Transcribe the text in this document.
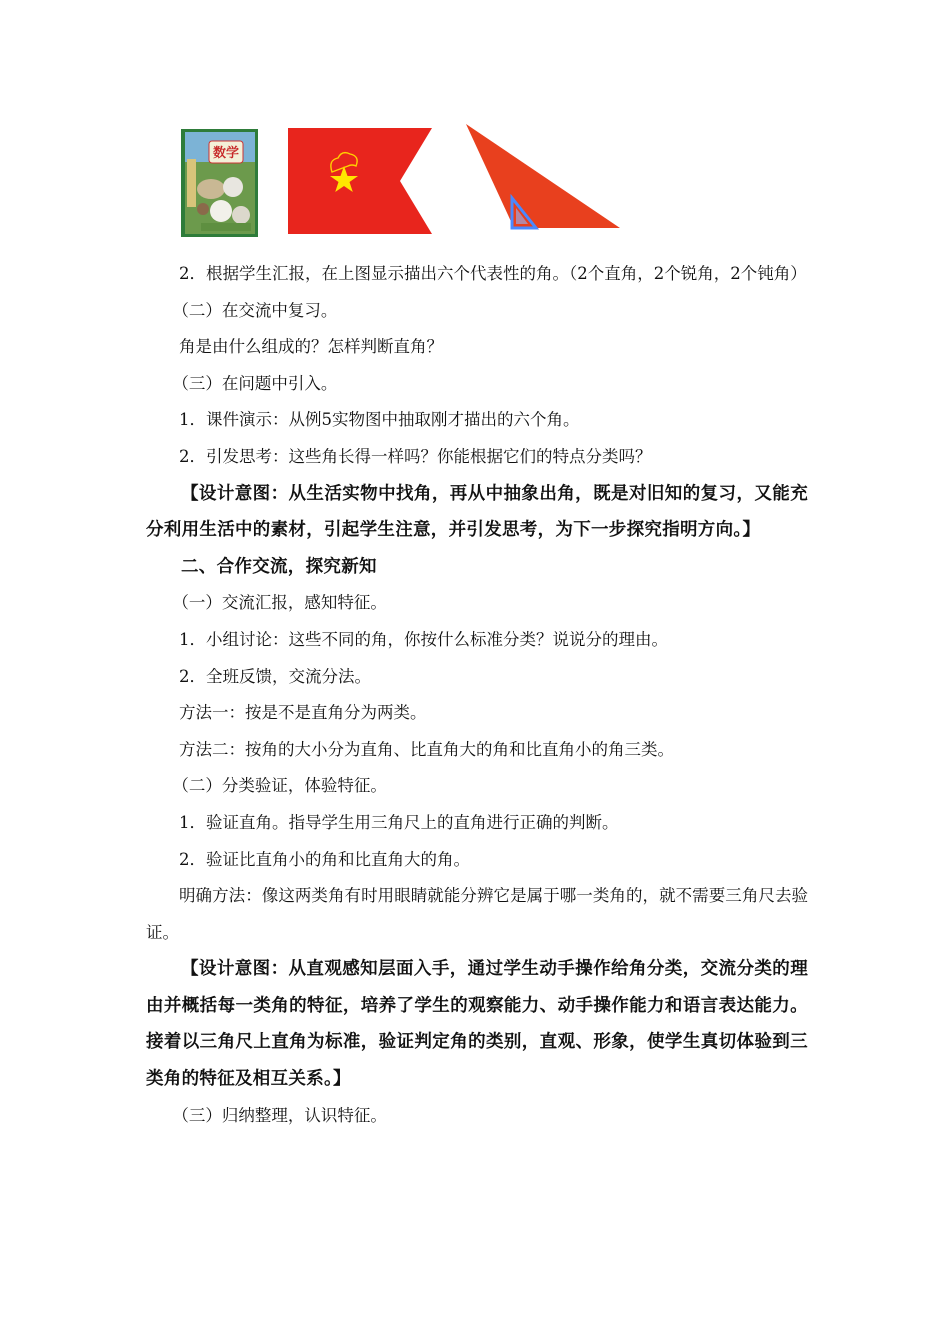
数学

2．根据学生汇报，在上图显示描出六个代表性的角。（2个直角，2个锐角，2个钝角）

（二）在交流中复习。

角是由什么组成的？怎样判断直角？

（三）在问题中引入。

1．课件演示：从例5实物图中抽取刚才描出的六个角。

2．引发思考：这些角长得一样吗？你能根据它们的特点分类吗？

【设计意图：从生活实物中找角，再从中抽象出角，既是对旧知的复习，又能充分利用生活中的素材，引起学生注意，并引发思考，为下一步探究指明方向。】

二、合作交流，探究新知

（一）交流汇报，感知特征。

1．小组讨论：这些不同的角，你按什么标准分类？说说分的理由。

2．全班反馈，交流分法。

方法一：按是不是直角分为两类。

方法二：按角的大小分为直角、比直角大的角和比直角小的角三类。

（二）分类验证，体验特征。

1．验证直角。指导学生用三角尺上的直角进行正确的判断。

2．验证比直角小的角和比直角大的角。

明确方法：像这两类角有时用眼睛就能分辨它是属于哪一类角的，就不需要三角尺去验证。

【设计意图：从直观感知层面入手，通过学生动手操作给角分类，交流分类的理由并概括每一类角的特征，培养了学生的观察能力、动手操作能力和语言表达能力。接着以三角尺上直角为标准，验证判定角的类别，直观、形象，使学生真切体验到三类角的特征及相互关系。】

（三）归纳整理，认识特征。
